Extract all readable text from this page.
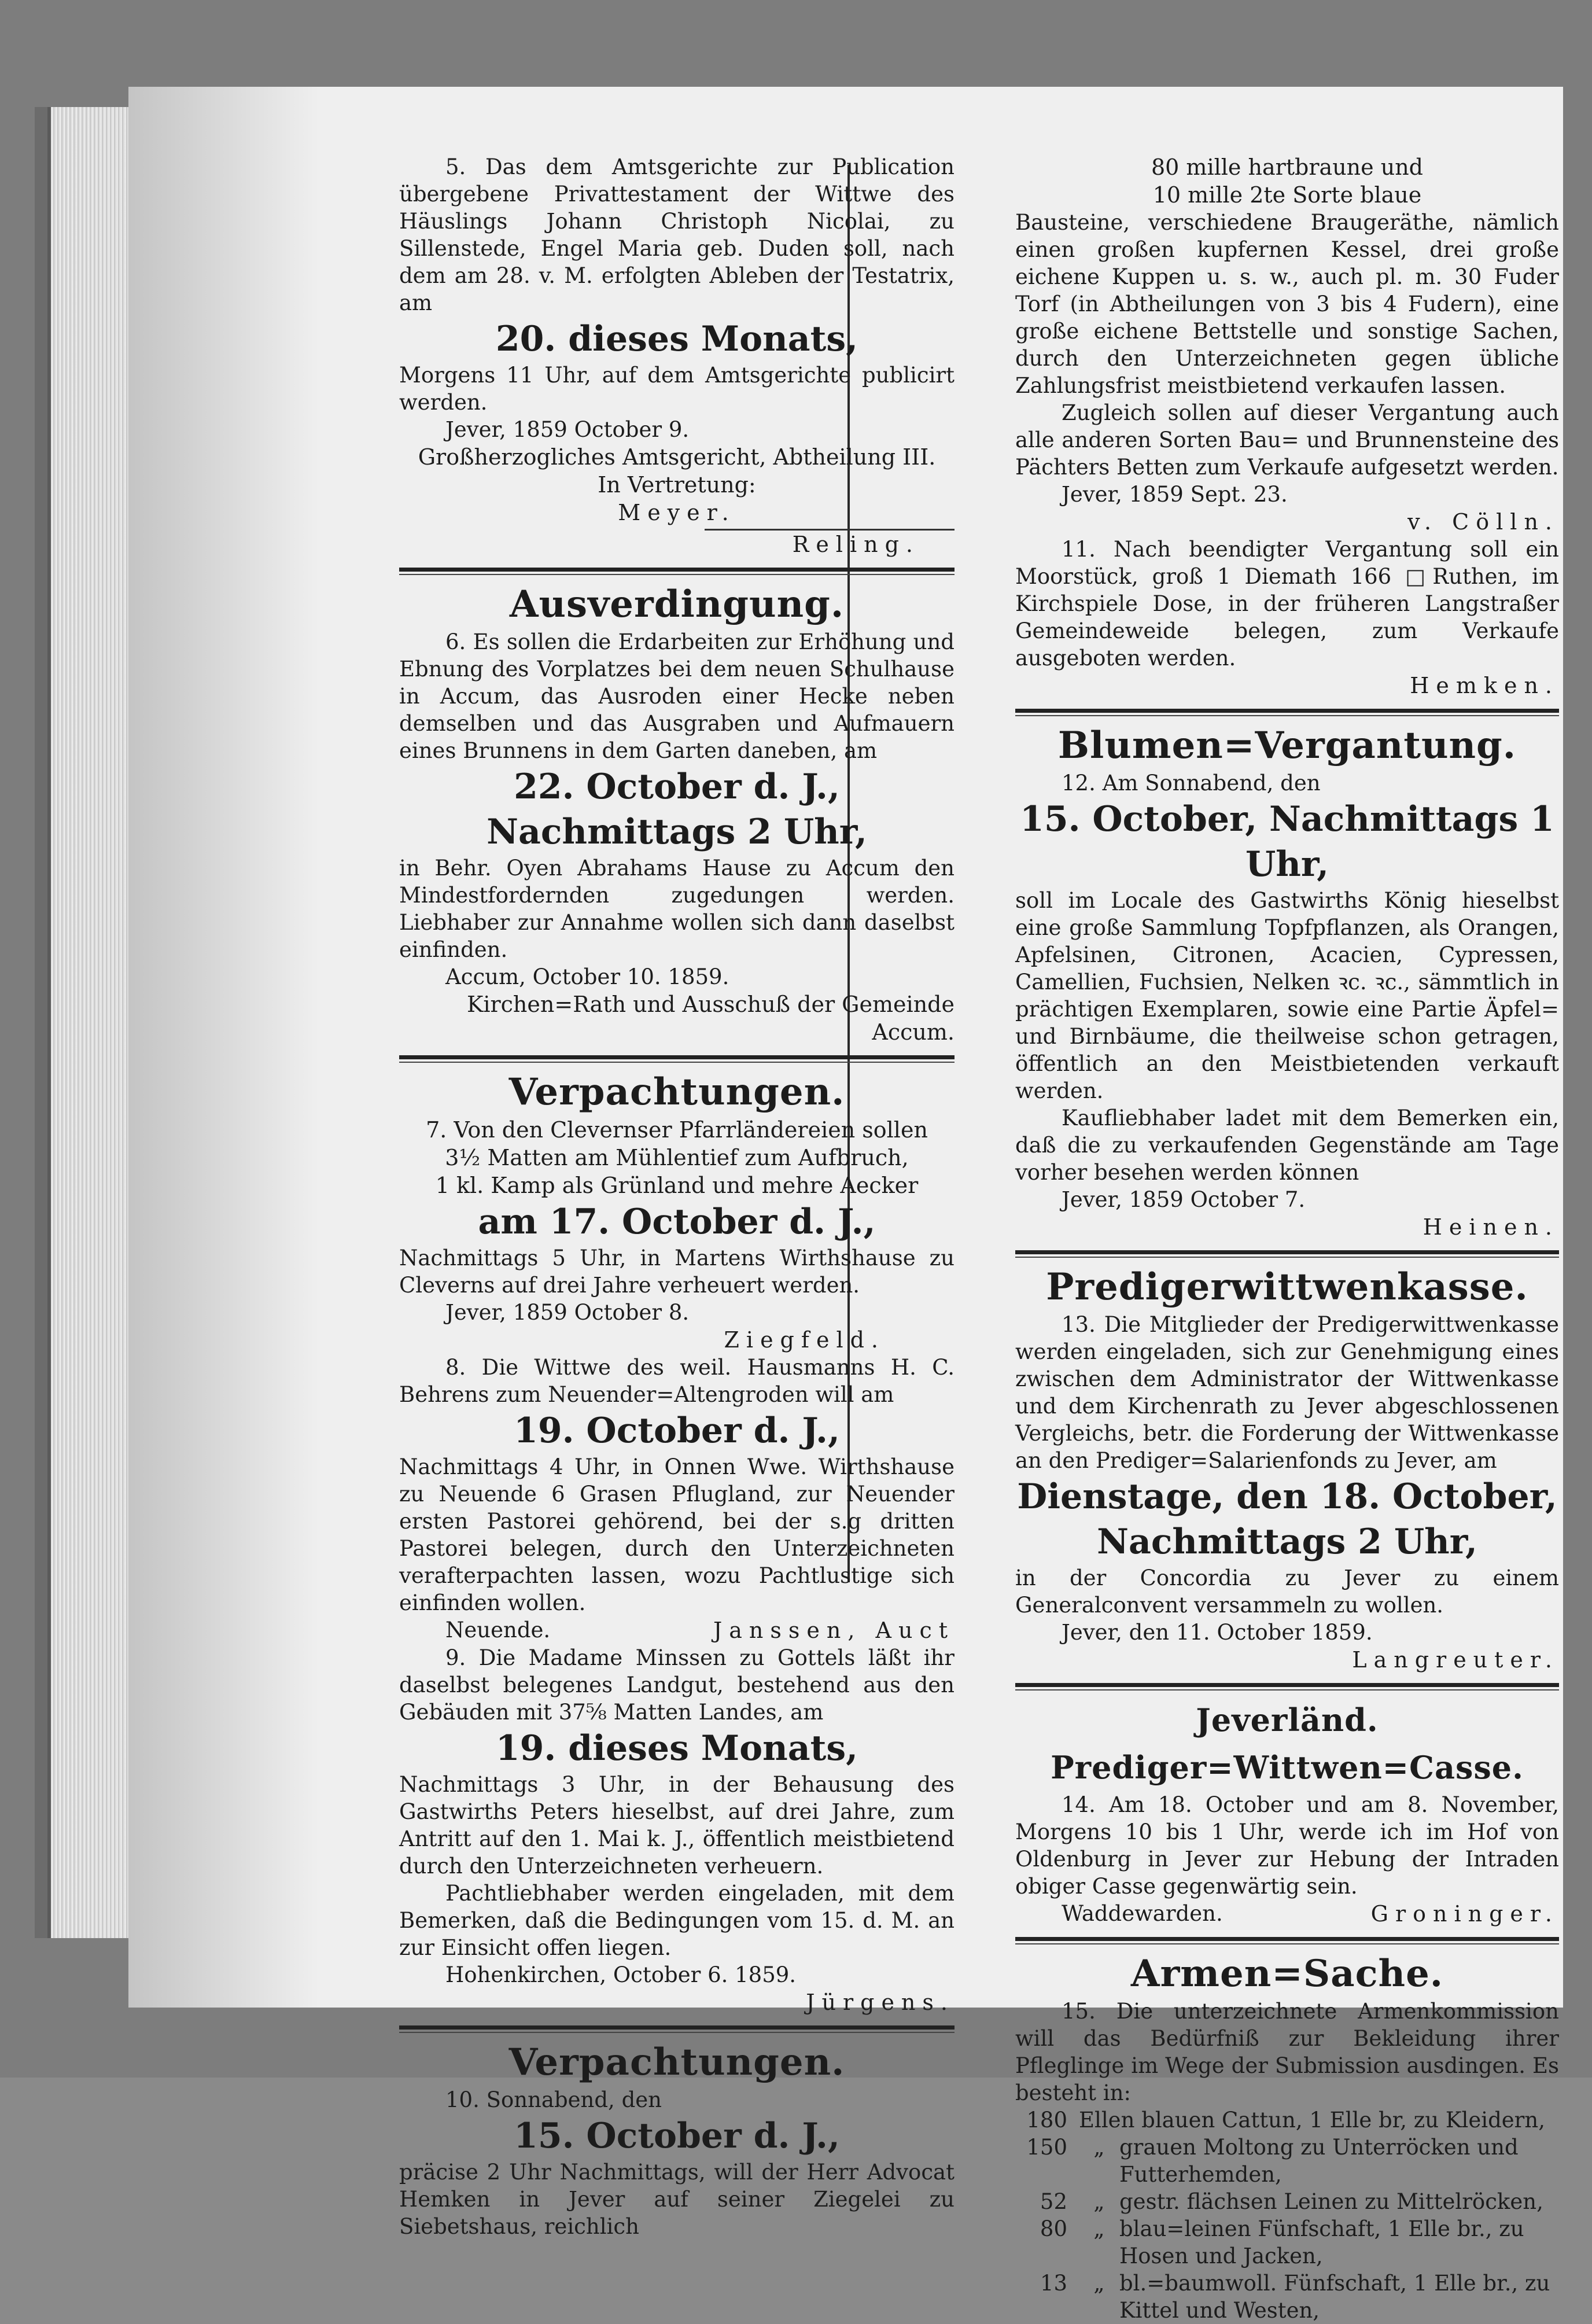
5. Das dem Amtsgerichte zur Publication übergebene Privattestament der Wittwe des Häuslings Johann Christoph Nicolai, zu Sillenstede, Engel Maria geb. Duden soll, nach dem am 28. v. M. erfolgten Ableben der Testatrix, am

20. dieses Monats,

Morgens 11 Uhr, auf dem Amtsgerichte publicirt werden.

Jever, 1859 October 9.

Großherzogliches Amtsgericht, Abtheilung III.

In Vertretung:

Meyer.

Reling.

Ausverdingung.

6. Es sollen die Erdarbeiten zur Erhöhung und Ebnung des Vorplatzes bei dem neuen Schulhause in Accum, das Ausroden einer Hecke neben demselben und das Ausgraben und Aufmauern eines Brunnens in dem Garten daneben, am

22. October d. J., Nachmittags 2 Uhr,

in Behr. Oyen Abrahams Hause zu Accum den Mindestfordernden zugedungen werden. Liebhaber zur Annahme wollen sich dann daselbst einfinden.

Accum, October 10. 1859.

Kirchen=Rath und Ausschuß der Gemeinde Accum.

Verpachtungen.

7. Von den Clevernser Pfarrländereien sollen

3½ Matten am Mühlentief zum Aufbruch,

1 kl. Kamp als Grünland und mehre Aecker

am 17. October d. J.,

Nachmittags 5 Uhr, in Martens Wirthshause zu Cleverns auf drei Jahre verheuert werden.

Jever, 1859 October 8.

Ziegfeld.

8. Die Wittwe des weil. Hausmanns H. C. Behrens zum Neuender=Altengroden will am

19. October d. J.,

Nachmittags 4 Uhr, in Onnen Wwe. Wirthshause zu Neuende 6 Grasen Pflugland, zur Neuender ersten Pastorei gehörend, bei der s.g dritten Pastorei belegen, durch den Unterzeichneten verafterpachten lassen, wozu Pachtlustige sich einfinden wollen.

Neuende.	Janssen, Auct

9. Die Madame Minssen zu Gottels läßt ihr daselbst belegenes Landgut, bestehend aus den Gebäuden mit 37⅝ Matten Landes, am

19. dieses Monats,

Nachmittags 3 Uhr, in der Behausung des Gastwirths Peters hieselbst, auf drei Jahre, zum Antritt auf den 1. Mai k. J., öffentlich meistbietend durch den Unterzeichneten verheuern.

Pachtliebhaber werden eingeladen, mit dem Bemerken, daß die Bedingungen vom 15. d. M. an zur Einsicht offen liegen.

Hohenkirchen, October 6. 1859.

Jürgens.

Verpachtungen.

10. Sonnabend, den

15. October d. J.,

präcise 2 Uhr Nachmittags, will der Herr Advocat Hemken in Jever auf seiner Ziegelei zu Siebetshaus, reichlich

80 mille hartbraune und

10 mille 2te Sorte blaue

Bausteine, verschiedene Braugeräthe, nämlich einen großen kupfernen Kessel, drei große eichene Kuppen u. s. w., auch pl. m. 30 Fuder Torf (in Abtheilungen von 3 bis 4 Fudern), eine große eichene Bettstelle und sonstige Sachen, durch den Unterzeichneten gegen übliche Zahlungsfrist meistbietend verkaufen lassen.

Zugleich sollen auf dieser Vergantung auch alle anderen Sorten Bau= und Brunnensteine des Pächters Betten zum Verkaufe aufgesetzt werden.

Jever, 1859 Sept. 23.

v. Cölln.

11. Nach beendigter Vergantung soll ein Moorstück, groß 1 Diemath 166 □Ruthen, im Kirchspiele Dose, in der früheren Langstraßer Gemeindeweide belegen, zum Verkaufe ausgeboten werden.

Hemken.

Blumen=Vergantung.

12. Am Sonnabend, den

15. October, Nachmittags 1 Uhr,

soll im Locale des Gastwirths König hieselbst eine große Sammlung Topfpflanzen, als Orangen, Apfelsinen, Citronen, Acacien, Cypressen, Camellien, Fuchsien, Nelken ꝛc. ꝛc., sämmtlich in prächtigen Exemplaren, sowie eine Partie Äpfel= und Birnbäume, die theilweise schon getragen, öffentlich an den Meistbietenden verkauft werden.

Kaufliebhaber ladet mit dem Bemerken ein, daß die zu verkaufenden Gegenstände am Tage vorher besehen werden können

Jever, 1859 October 7.

Heinen.

Predigerwittwenkasse.

13. Die Mitglieder der Predigerwittwenkasse werden eingeladen, sich zur Genehmigung eines zwischen dem Administrator der Wittwenkasse und dem Kirchenrath zu Jever abgeschlossenen Vergleichs, betr. die Forderung der Wittwenkasse an den Prediger=Salarienfonds zu Jever, am

Dienstage, den 18. October,

Nachmittags 2 Uhr,

in der Concordia zu Jever zu einem Generalconvent versammeln zu wollen.

Jever, den 11. October 1859.

Langreuter.

Jeverländ. Prediger=Wittwen=Casse.

14. Am 18. October und am 8. November, Morgens 10 bis 1 Uhr, werde ich im Hof von Oldenburg in Jever zur Hebung der Intraden obiger Casse gegenwärtig sein.

Waddewarden.	Groninger.

Armen=Sache.

15. Die unterzeichnete Armenkommission will das Bedürfniß zur Bekleidung ihrer Pfleglinge im Wege der Submission ausdingen. Es besteht in:

180 Ellen blauen Cattun, 1 Elle br, zu Kleidern,
150	„ grauen Moltong zu Unterröcken und Futterhemden,
52	„ gestr. flächsen Leinen zu Mittelröcken,
80	„ blau=leinen Fünfschaft, 1 Elle br., zu Hosen und Jacken,
13	„ bl.=baumwoll. Fünfschaft, 1 Elle br., zu Kittel und Westen,
